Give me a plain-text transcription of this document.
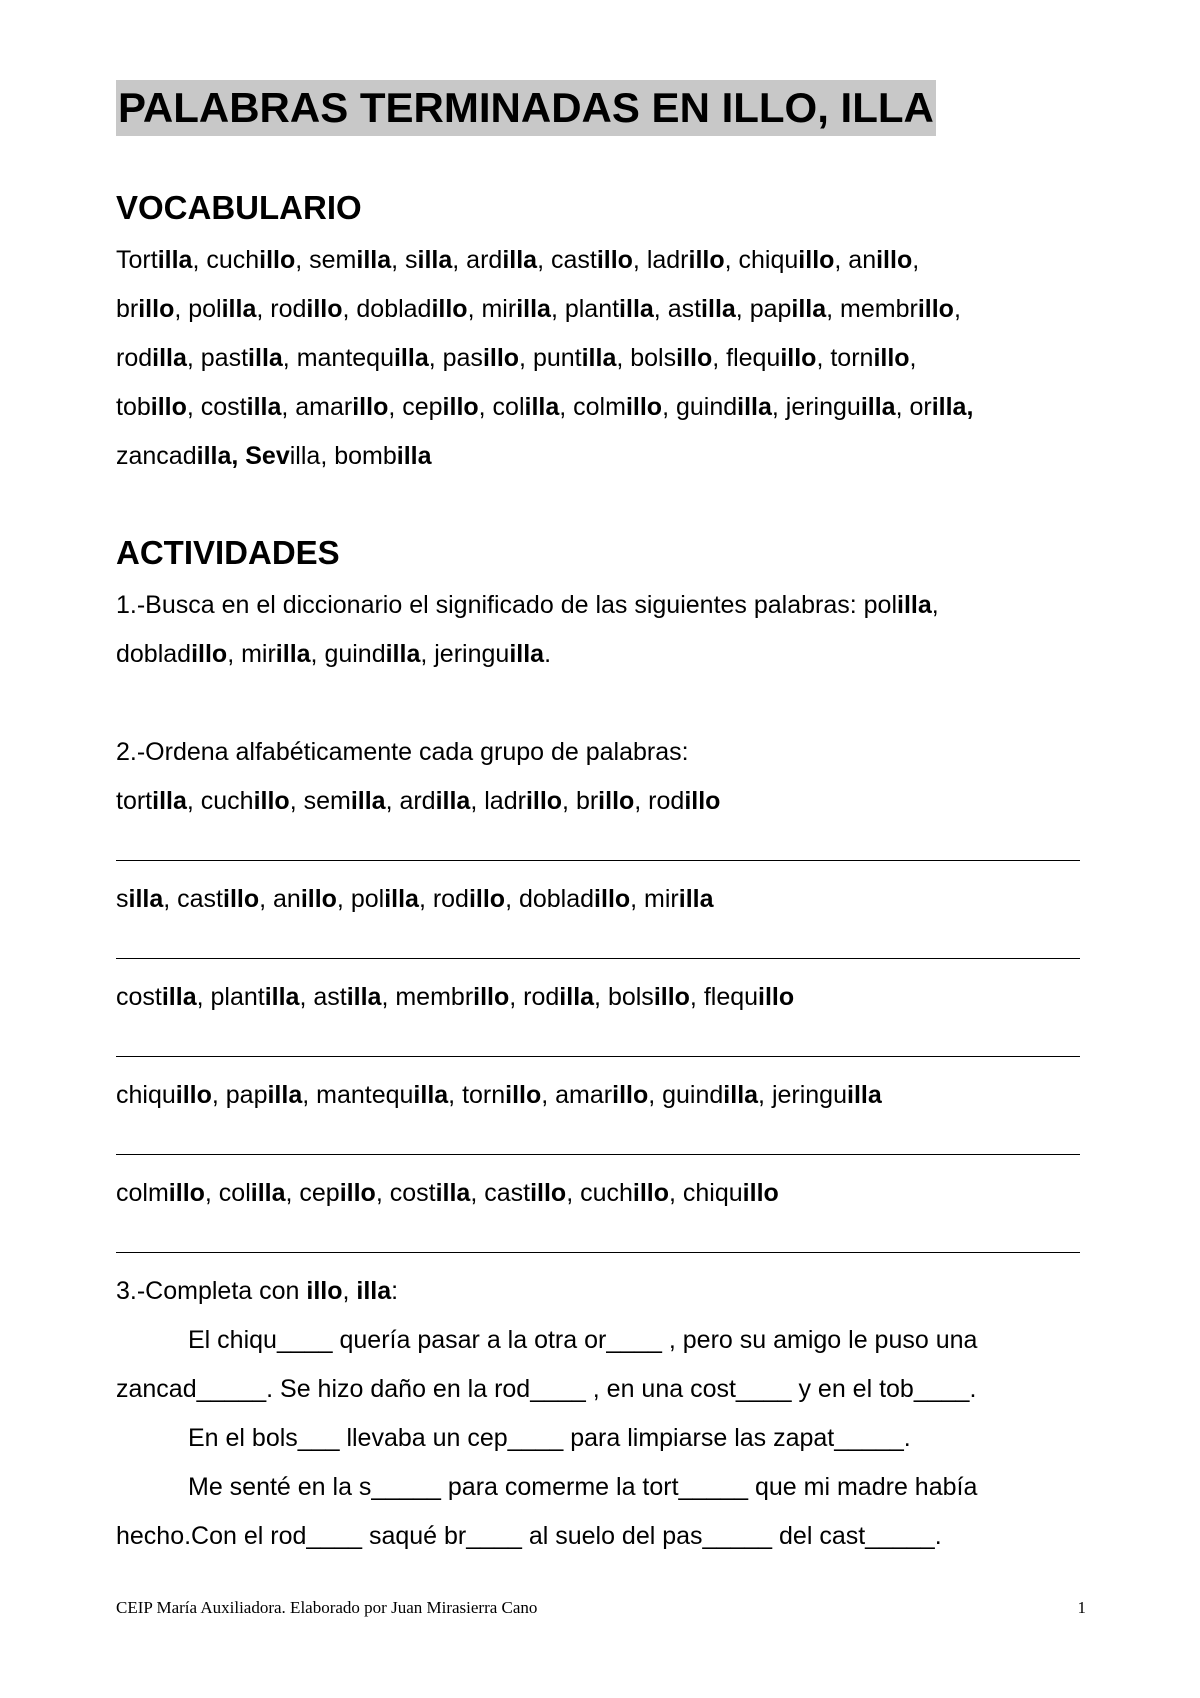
PALABRAS TERMINADAS EN ILLO, ILLA
VOCABULARIO

Tortilla, cuchillo, semilla, silla, ardilla, castillo, ladrillo, chiquillo, anillo,

brillo, polilla, rodillo, dobladillo, mirilla, plantilla, astilla, papilla, membrillo,

rodilla, pastilla, mantequilla, pasillo, puntilla, bolsillo, flequillo, tornillo,

tobillo, costilla, amarillo, cepillo, colilla, colmillo, guindilla, jeringuilla, orilla,

zancadilla, Sevilla, bombilla

ACTIVIDADES

1.-Busca en el diccionario el significado de las siguientes palabras: polilla,

dobladillo, mirilla, guindilla, jeringuilla.

2.-Ordena alfabéticamente cada grupo de palabras:

tortilla, cuchillo, semilla, ardilla, ladrillo, brillo, rodillo

silla, castillo, anillo, polilla, rodillo, dobladillo, mirilla

costilla, plantilla, astilla, membrillo, rodilla, bolsillo, flequillo

chiquillo, papilla, mantequilla, tornillo, amarillo, guindilla, jeringuilla

colmillo, colilla, cepillo, costilla, castillo, cuchillo, chiquillo

3.-Completa con illo, illa:

El chiqu____ quería pasar a la otra or____ , pero su amigo le puso una

zancad_____. Se hizo daño en la rod____ , en una cost____ y en el tob____.

En el bols___ llevaba un cep____ para limpiarse las zapat_____.

Me senté en la s_____ para comerme la tort_____ que mi madre había

hecho.Con el rod____ saqué br____ al suelo del pas_____ del cast_____.

CEIP María Auxiliadora. Elaborado por Juan Mirasierra Cano	1
